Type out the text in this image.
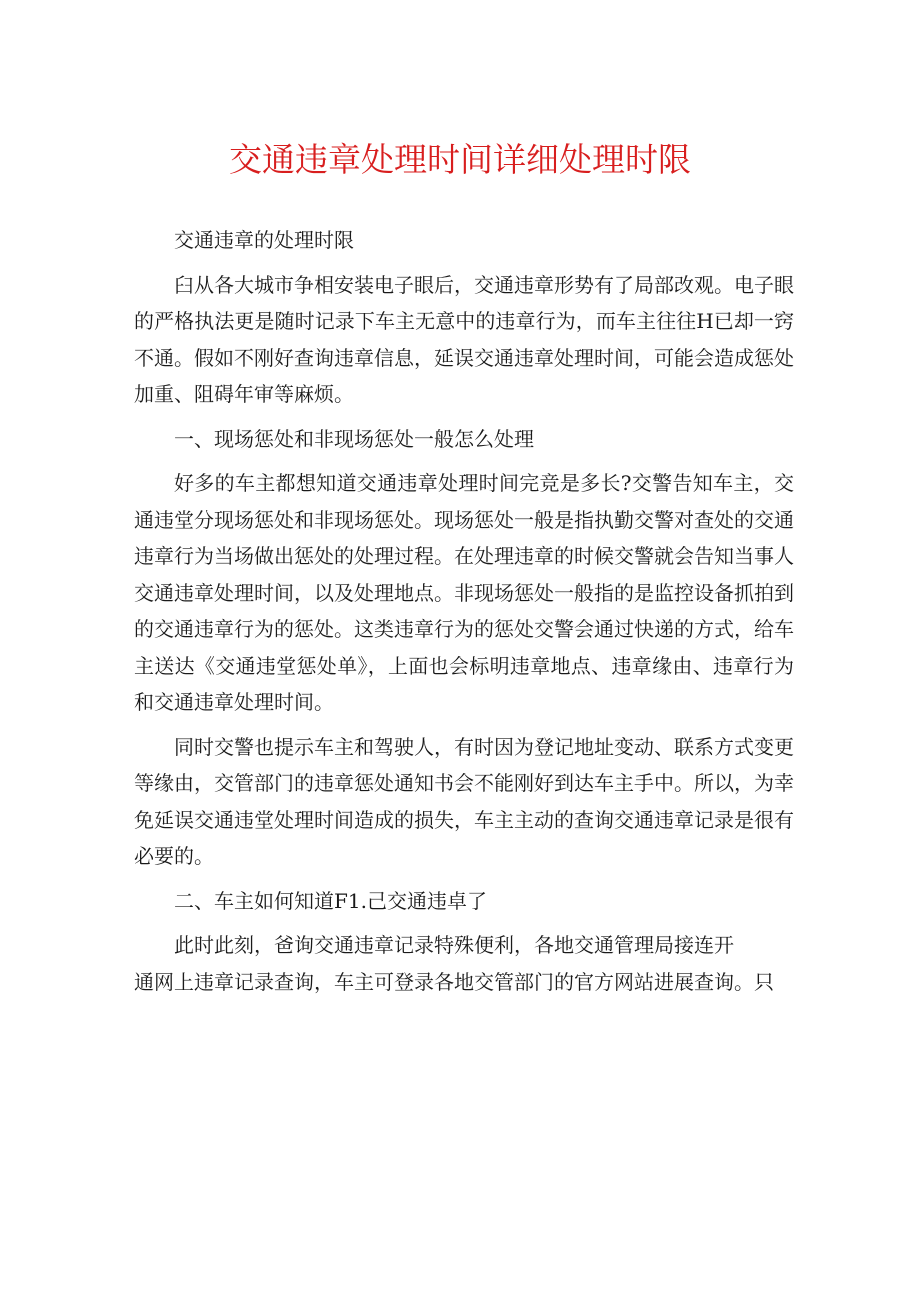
交通违章处理时间详细处理时限

交通违章的处理时限

臼从各大城市争相安装电子眼后，交通违章形势有了局部改观。电子眼的严格执法更是随时记录下车主无意中的违章行为，而车主往往H已却一窍不通。假如不刚好查询违章信息，延误交通违章处理时间，可能会造成惩处加重、阻碍年审等麻烦。

一、现场惩处和非现场惩处一般怎么处理

好多的车主都想知道交通违章处理时间完竞是多长?交警告知车主，交通违堂分现场惩处和非现场惩处。现场惩处一般是指执勤交警对查处的交通违章行为当场做出惩处的处理过程。在处理违章的时候交警就会告知当事人交通违章处理时间，以及处理地点。非现场惩处一般指的是监控设备抓拍到的交通违章行为的惩处。这类违章行为的惩处交警会通过快递的方式，给车主送达《交通违堂惩处单》，上面也会标明违章地点、违章缘由、违章行为和交通违章处理时间。

同时交警也提示车主和驾驶人，有时因为登记地址变动、联系方式变更等缘由，交管部门的违章惩处通知书会不能刚好到达车主手中。所以，为幸免延误交通违堂处理时间造成的损失，车主主动的查询交通违章记录是很有必要的。

二、车主如何知道F1.己交通违卓了

此时此刻，爸询交通违章记录特殊便利，各地交通管理局接连开

通网上违章记录查询，车主可登录各地交管部门的官方网站进展查询。只
